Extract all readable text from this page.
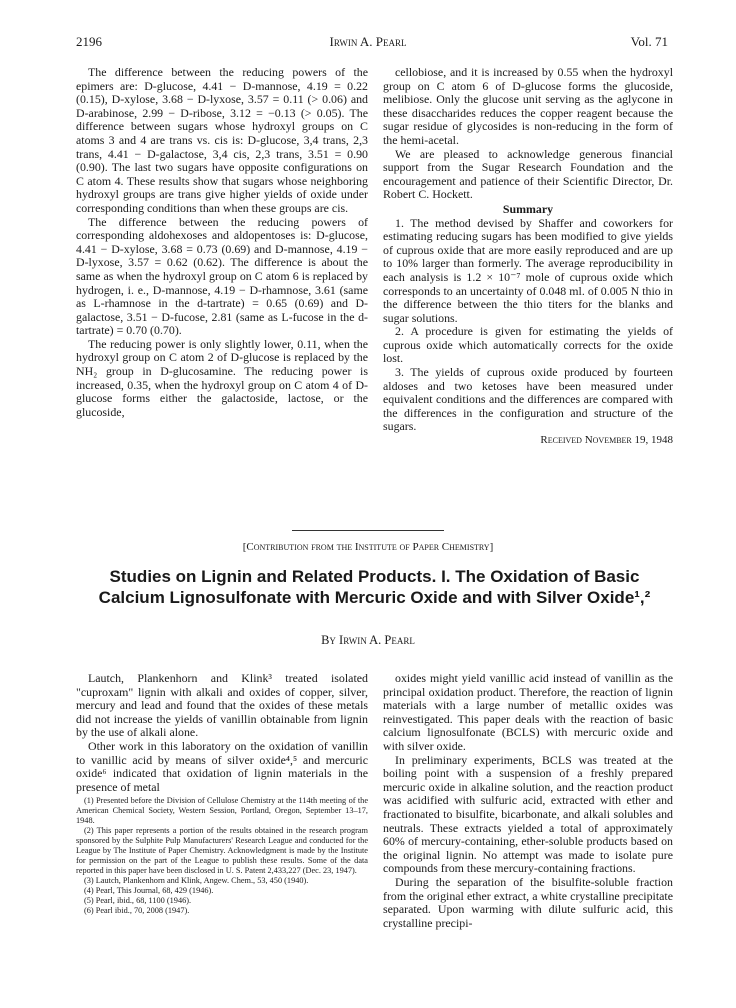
2196	Irwin A. Pearl	Vol. 71

The difference between the reducing powers of the epimers are: D-glucose, 4.41 − D-mannose, 4.19 = 0.22 (0.15), D-xylose, 3.68 − D-lyxose, 3.57 = 0.11 (> 0.06) and D-arabinose, 2.99 − D-ribose, 3.12 = −0.13 (> 0.05). The difference between sugars whose hydroxyl groups on C atoms 3 and 4 are trans vs. cis is: D-glucose, 3,4 trans, 2,3 trans, 4.41 − D-galactose, 3,4 cis, 2,3 trans, 3.51 = 0.90 (0.90). The last two sugars have opposite configurations on C atom 4. These results show that sugars whose neighboring hydroxyl groups are trans give higher yields of oxide under corresponding conditions than when these groups are cis.

The difference between the reducing powers of corresponding aldohexoses and aldopentoses is: D-glucose, 4.41 − D-xylose, 3.68 = 0.73 (0.69) and D-mannose, 4.19 − D-lyxose, 3.57 = 0.62 (0.62). The difference is about the same as when the hydroxyl group on C atom 6 is replaced by hydrogen, i. e., D-mannose, 4.19 − D-rhamnose, 3.61 (same as L-rhamnose in the d-tartrate) = 0.65 (0.69) and D-galactose, 3.51 − D-fucose, 2.81 (same as L-fucose in the d-tartrate) = 0.70 (0.70).

The reducing power is only slightly lower, 0.11, when the hydroxyl group on C atom 2 of D-glucose is replaced by the NH₂ group in D-glucosamine. The reducing power is increased, 0.35, when the hydroxyl group on C atom 4 of D-glucose forms either the galactoside, lactose, or the glucoside,

cellobiose, and it is increased by 0.55 when the hydroxyl group on C atom 6 of D-glucose forms the glucoside, melibiose. Only the glucose unit serving as the aglycone in these disaccharides reduces the copper reagent because the sugar residue of glycosides is non-reducing in the form of the hemi-acetal.

We are pleased to acknowledge generous financial support from the Sugar Research Foundation and the encouragement and patience of their Scientific Director, Dr. Robert C. Hockett.

Summary

1. The method devised by Shaffer and coworkers for estimating reducing sugars has been modified to give yields of cuprous oxide that are more easily reproduced and are up to 10% larger than formerly. The average reproducibility in each analysis is 1.2 × 10⁻⁷ mole of cuprous oxide which corresponds to an uncertainty of 0.048 ml. of 0.005 N thio in the difference between the thio titers for the blanks and sugar solutions.

2. A procedure is given for estimating the yields of cuprous oxide which automatically corrects for the oxide lost.

3. The yields of cuprous oxide produced by fourteen aldoses and two ketoses have been measured under equivalent conditions and the differences are compared with the differences in the configuration and structure of the sugars.

Received November 19, 1948
[Contribution from the Institute of Paper Chemistry]
Studies on Lignin and Related Products. I. The Oxidation of Basic Calcium Lignosulfonate with Mercuric Oxide and with Silver Oxide¹,²
By Irwin A. Pearl

Lautch, Plankenhorn and Klink³ treated isolated "cuproxam" lignin with alkali and oxides of copper, silver, mercury and lead and found that the oxides of these metals did not increase the yields of vanillin obtainable from lignin by the use of alkali alone.

Other work in this laboratory on the oxidation of vanillin to vanillic acid by means of silver oxide⁴,⁵ and mercuric oxide⁶ indicated that oxidation of lignin materials in the presence of metal

(1) Presented before the Division of Cellulose Chemistry at the 114th meeting of the American Chemical Society, Western Session, Portland, Oregon, September 13–17, 1948.
(2) This paper represents a portion of the results obtained in the research program sponsored by the Sulphite Pulp Manufacturers' Research League and conducted for the League by The Institute of Paper Chemistry. Acknowledgment is made by the Institute for permission on the part of the League to publish these results. Some of the data reported in this paper have been disclosed in U. S. Patent 2,433,227 (Dec. 23, 1947).
(3) Lautch, Plankenhorn and Klink, Angew. Chem., 53, 450 (1940).
(4) Pearl, This Journal, 68, 429 (1946).
(5) Pearl, ibid., 68, 1100 (1946).
(6) Pearl ibid., 70, 2008 (1947).

oxides might yield vanillic acid instead of vanillin as the principal oxidation product. Therefore, the reaction of lignin materials with a large number of metallic oxides was reinvestigated. This paper deals with the reaction of basic calcium lignosulfonate (BCLS) with mercuric oxide and with silver oxide.

In preliminary experiments, BCLS was treated at the boiling point with a suspension of a freshly prepared mercuric oxide in alkaline solution, and the reaction product was acidified with sulfuric acid, extracted with ether and fractionated to bisulfite, bicarbonate, and alkali solubles and neutrals. These extracts yielded a total of approximately 60% of mercury-containing, ether-soluble products based on the original lignin. No attempt was made to isolate pure compounds from these mercury-containing fractions.

During the separation of the bisulfite-soluble fraction from the original ether extract, a white crystalline precipitate separated. Upon warming with dilute sulfuric acid, this crystalline precipi-
